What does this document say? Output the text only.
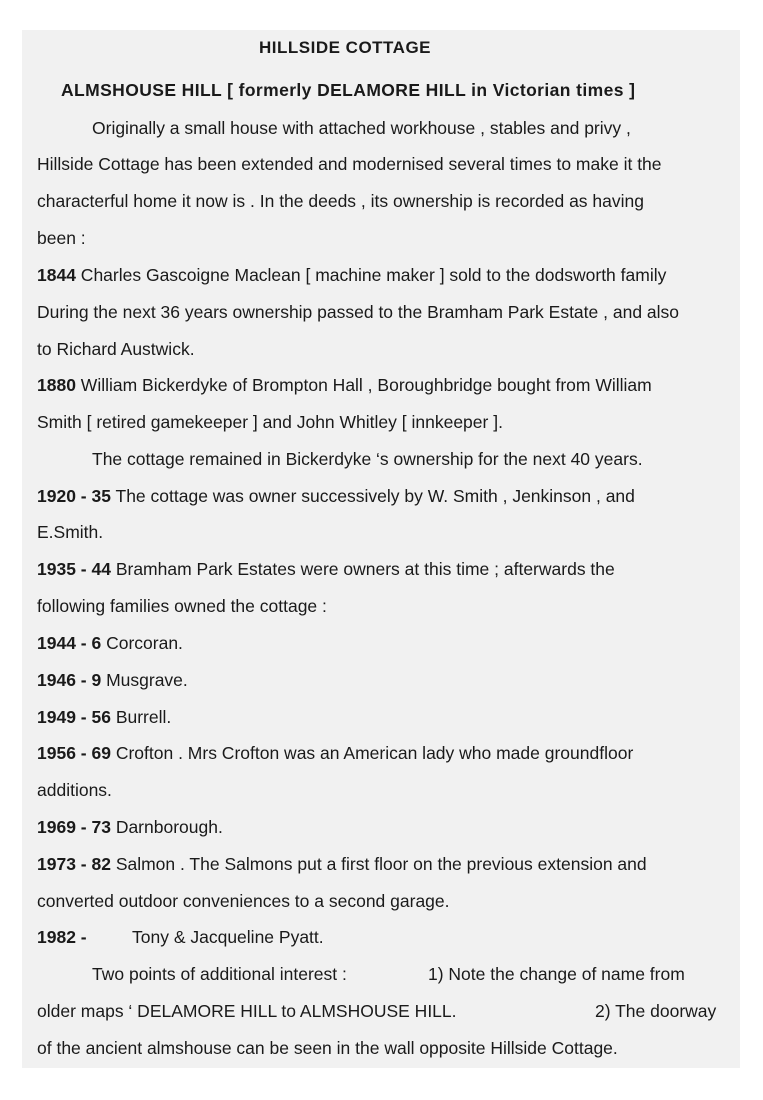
HILLSIDE COTTAGE
ALMSHOUSE HILL [ formerly DELAMORE HILL in Victorian times ]
Originally a small house with attached workhouse , stables and privy ,
Hillside Cottage has been extended and modernised several times to make it the
characterful home it now is . In the deeds , its ownership is recorded as having
been :
1844 Charles Gascoigne Maclean [ machine maker ] sold to the dodsworth family
During the next 36 years ownership passed to the Bramham Park Estate , and also
to Richard Austwick.
1880 William Bickerdyke of Brompton Hall , Boroughbridge bought from William
Smith [ retired gamekeeper ] and John Whitley [ innkeeper ].
The cottage remained in Bickerdyke ‘s ownership for the next 40 years.
1920 - 35 The cottage was owner successively by W. Smith , Jenkinson , and
E.Smith.
1935 - 44 Bramham Park Estates were owners at this time ; afterwards the
following families owned the cottage :
1944 - 6 Corcoran.
1946 - 9 Musgrave.
1949 - 56 Burrell.
1956 - 69 Crofton . Mrs Crofton was an American lady who made groundfloor
additions.
1969 - 73 Darnborough.
1973 - 82 Salmon . The Salmons put a first floor on the previous extension and
converted outdoor conveniences to a second garage.
1982 -	Tony & Jacqueline Pyatt.
Two points of additional interest :	1) Note the change of name from
older maps ‘ DELAMORE HILL to ALMSHOUSE HILL.	2) The doorway
of the ancient almshouse can be seen in the wall opposite Hillside Cottage.
